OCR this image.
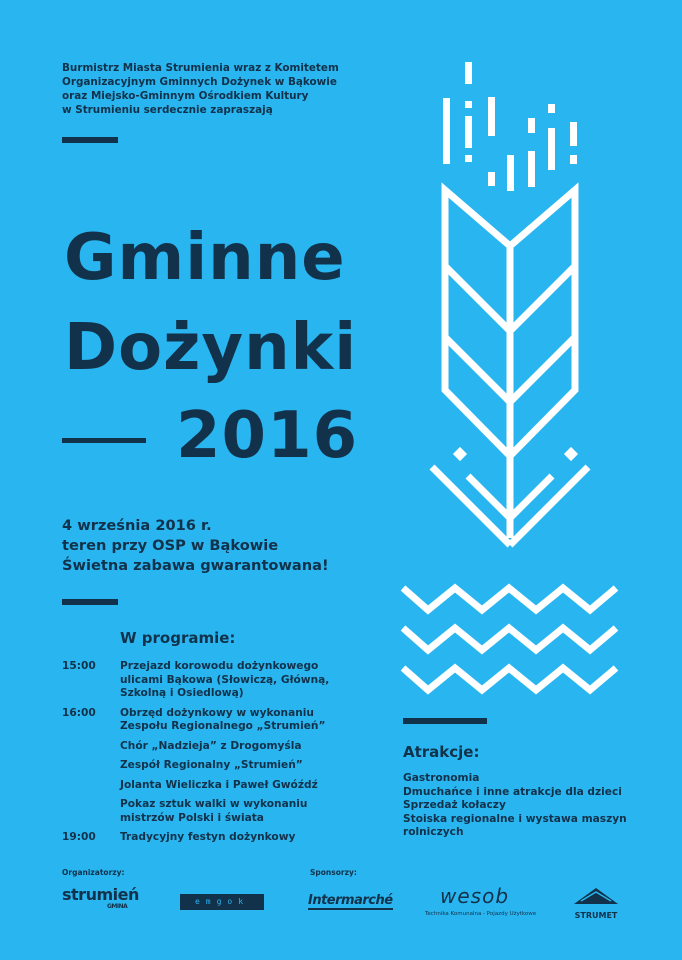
Burmistrz Miasta Strumienia wraz z Komitetem
Organizacyjnym Gminnych Dożynek w Bąkowie
oraz Miejsko-Gminnym Ośrodkiem Kultury
w Strumieniu serdecznie zapraszają
Gminne
Dożynki
2016
4 września 2016 r.
teren przy OSP w Bąkowie
Świetna zabawa gwarantowana!
W programie:
15:00	Przejazd korowodu dożynkowego ulicami Bąkowa (Słowiczą, Główną, Szkolną i Osiedlową)
16:00	Obrzęd dożynkowy w wykonaniu Zespołu Regionalnego „Strumień”
Chór „Nadzieja” z Drogomyśla
Zespół Regionalny „Strumień”
Jolanta Wieliczka i Paweł Gwóźdź
Pokaz sztuk walki w wykonaniu mistrzów Polski i świata
19:00	Tradycyjny festyn dożynkowy
Atrakcje:
Gastronomia
Dmuchańce i inne atrakcje dla dzieci
Sprzedaż kołaczy
Stoiska regionalne i wystawa maszyn rolniczych
Organizatorzy:	Sponsorzy:
strumień
GMINA
emgok	Intermarché wesob
Technika Komunalna - Pojazdy Użytkowe	STRUMET
